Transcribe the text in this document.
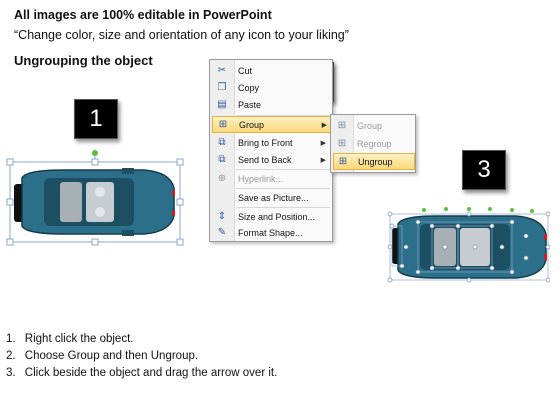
All images are 100% editable in PowerPoint
“Change color, size and orientation of any icon to your liking”
Ungrouping the object
1
3
✂	Cut
❐	Copy
▤	Paste
⊞	Group	▶
⧉	Bring to Front	▶
⧉	Send to Back	▶
⊕	Hyperlink...
Save as Picture...
⇕	Size and Position...
✎	Format Shape...
⊞	Group
⊞	Regroup
⊞	Ungroup
1. Right click the object.
2. Choose Group and then Ungroup.
3. Click beside the object and drag the arrow over it.
